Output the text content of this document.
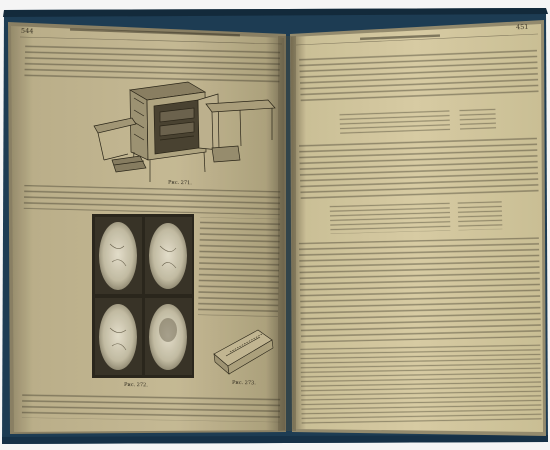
Рис. 271.
Рис. 272.	Рис. 273.
544	451
